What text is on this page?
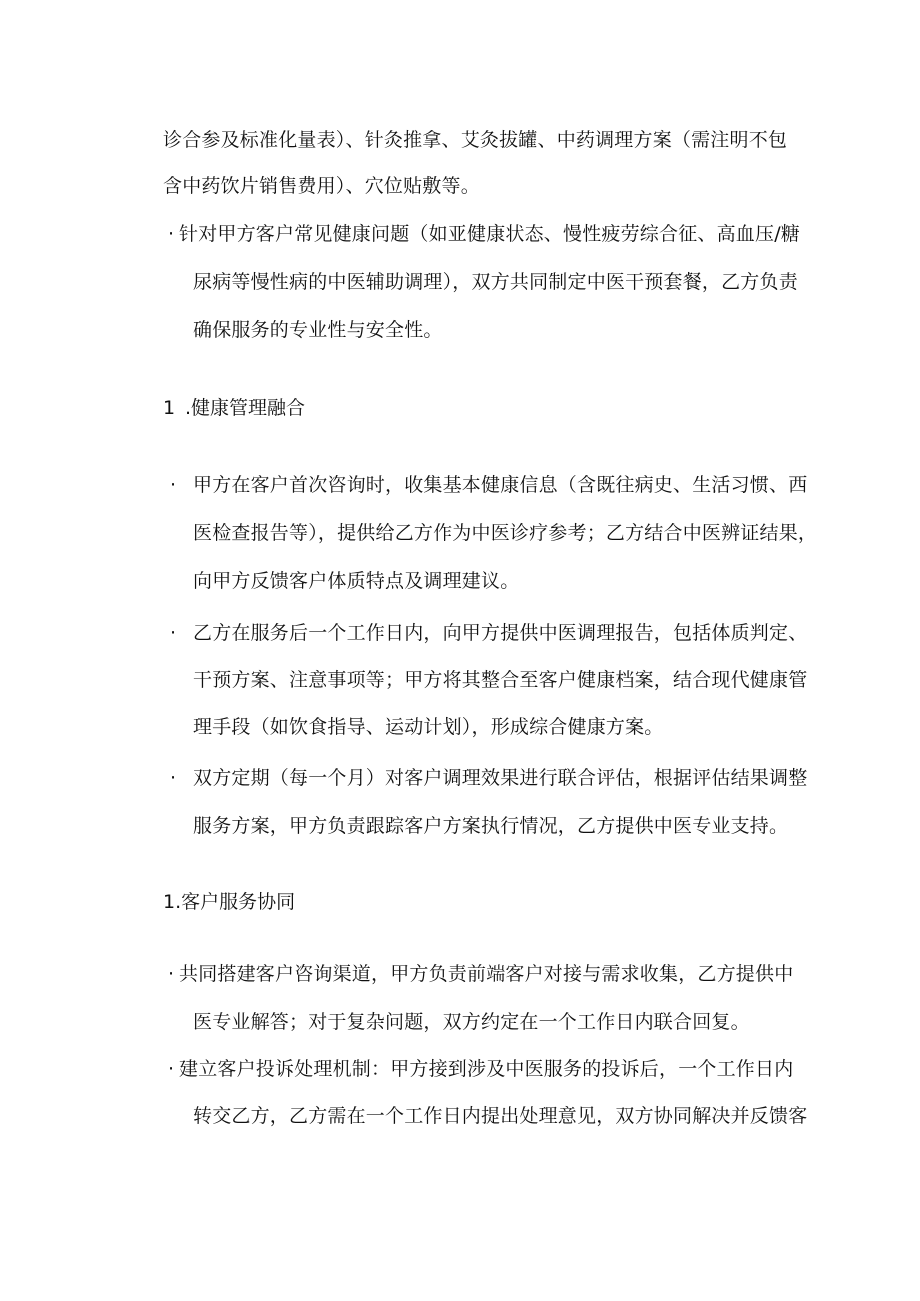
诊合参及标准化量表）、针灸推拿、艾灸拔罐、中药调理方案（需注明不包
含中药饮片销售费用）、穴位贴敷等。
· 针对甲方客户常见健康问题（如亚健康状态、慢性疲劳综合征、高血压/糖
尿病等慢性病的中医辅助调理），双方共同制定中医干预套餐，乙方负责
确保服务的专业性与安全性。
1 .健康管理融合
· 甲方在客户首次咨询时，收集基本健康信息（含既往病史、生活习惯、西
医检查报告等），提供给乙方作为中医诊疗参考；乙方结合中医辨证结果，
向甲方反馈客户体质特点及调理建议。
· 乙方在服务后一个工作日内，向甲方提供中医调理报告，包括体质判定、
干预方案、注意事项等；甲方将其整合至客户健康档案，结合现代健康管
理手段（如饮食指导、运动计划），形成综合健康方案。
· 双方定期（每一个月）对客户调理效果进行联合评估，根据评估结果调整
服务方案，甲方负责跟踪客户方案执行情况，乙方提供中医专业支持。
1.客户服务协同
· 共同搭建客户咨询渠道，甲方负责前端客户对接与需求收集，乙方提供中
医专业解答；对于复杂问题，双方约定在一个工作日内联合回复。
· 建立客户投诉处理机制：甲方接到涉及中医服务的投诉后，一个工作日内
转交乙方，乙方需在一个工作日内提出处理意见，双方协同解决并反馈客
